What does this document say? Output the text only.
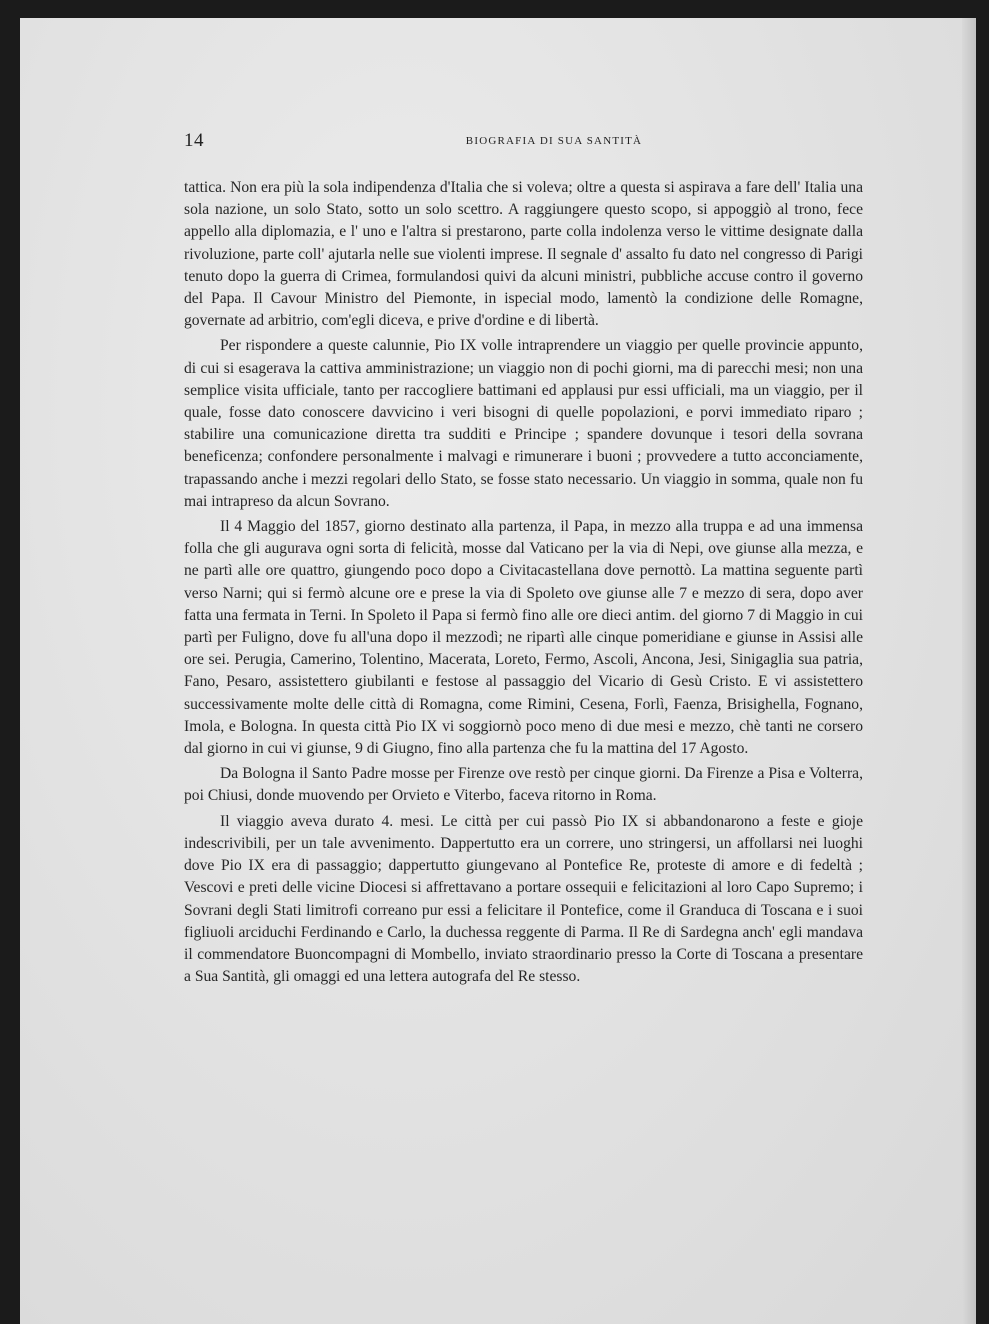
14	BIOGRAFIA DI SUA SANTITÀ

tattica. Non era più la sola indipendenza d'Italia che si voleva; oltre a questa si aspirava a fare dell' Italia una sola nazione, un solo Stato, sotto un solo scettro. A raggiungere questo scopo, si appoggiò al trono, fece appello alla diplomazia, e l' uno e l'altra si prestarono, parte colla indolenza verso le vittime designate dalla rivoluzione, parte coll' ajutarla nelle sue violenti imprese. Il segnale d' assalto fu dato nel congresso di Parigi tenuto dopo la guerra di Crimea, formulandosi quivi da alcuni ministri, pubbliche accuse contro il governo del Papa. Il Cavour Ministro del Piemonte, in ispecial modo, lamentò la condizione delle Romagne, governate ad arbitrio, com'egli diceva, e prive d'ordine e di libertà.

Per rispondere a queste calunnie, Pio IX volle intraprendere un viaggio per quelle provincie appunto, di cui si esagerava la cattiva amministrazione; un viaggio non di pochi giorni, ma di parecchi mesi; non una semplice visita ufficiale, tanto per raccogliere battimani ed applausi pur essi ufficiali, ma un viaggio, per il quale, fosse dato conoscere davvicino i veri bisogni di quelle popolazioni, e porvi immediato riparo ; stabilire una comunicazione diretta tra sudditi e Principe ; spandere dovunque i tesori della sovrana beneficenza; confondere personalmente i malvagi e rimunerare i buoni ; provvedere a tutto acconciamente, trapassando anche i mezzi regolari dello Stato, se fosse stato necessario. Un viaggio in somma, quale non fu mai intrapreso da alcun Sovrano.

Il 4 Maggio del 1857, giorno destinato alla partenza, il Papa, in mezzo alla truppa e ad una immensa folla che gli augurava ogni sorta di felicità, mosse dal Vaticano per la via di Nepi, ove giunse alla mezza, e ne partì alle ore quattro, giungendo poco dopo a Civitacastellana dove pernottò. La mattina seguente partì verso Narni; qui si fermò alcune ore e prese la via di Spoleto ove giunse alle 7 e mezzo di sera, dopo aver fatta una fermata in Terni. In Spoleto il Papa si fermò fino alle ore dieci antim. del giorno 7 di Maggio in cui partì per Fuligno, dove fu all'una dopo il mezzodì; ne ripartì alle cinque pomeridiane e giunse in Assisi alle ore sei. Perugia, Camerino, Tolentino, Macerata, Loreto, Fermo, Ascoli, Ancona, Jesi, Sinigaglia sua patria, Fano, Pesaro, assistettero giubilanti e festose al passaggio del Vicario di Gesù Cristo. E vi assistettero successivamente molte delle città di Romagna, come Rimini, Cesena, Forlì, Faenza, Brisighella, Fognano, Imola, e Bologna. In questa città Pio IX vi soggiornò poco meno di due mesi e mezzo, chè tanti ne corsero dal giorno in cui vi giunse, 9 di Giugno, fino alla partenza che fu la mattina del 17 Agosto.

Da Bologna il Santo Padre mosse per Firenze ove restò per cinque giorni. Da Firenze a Pisa e Volterra, poi Chiusi, donde muovendo per Orvieto e Viterbo, faceva ritorno in Roma.

Il viaggio aveva durato 4. mesi. Le città per cui passò Pio IX si abbandonarono a feste e gioje indescrivibili, per un tale avvenimento. Dappertutto era un correre, uno stringersi, un affollarsi nei luoghi dove Pio IX era di passaggio; dappertutto giungevano al Pontefice Re, proteste di amore e di fedeltà ; Vescovi e preti delle vicine Diocesi si affrettavano a portare ossequii e felicitazioni al loro Capo Supremo; i Sovrani degli Stati limitrofi correano pur essi a felicitare il Pontefice, come il Granduca di Toscana e i suoi figliuoli arciduchi Ferdinando e Carlo, la duchessa reggente di Parma. Il Re di Sardegna anch' egli mandava il commendatore Buoncompagni di Mombello, inviato straordinario presso la Corte di Toscana a presentare a Sua Santità, gli omaggi ed una lettera autografa del Re stesso.
